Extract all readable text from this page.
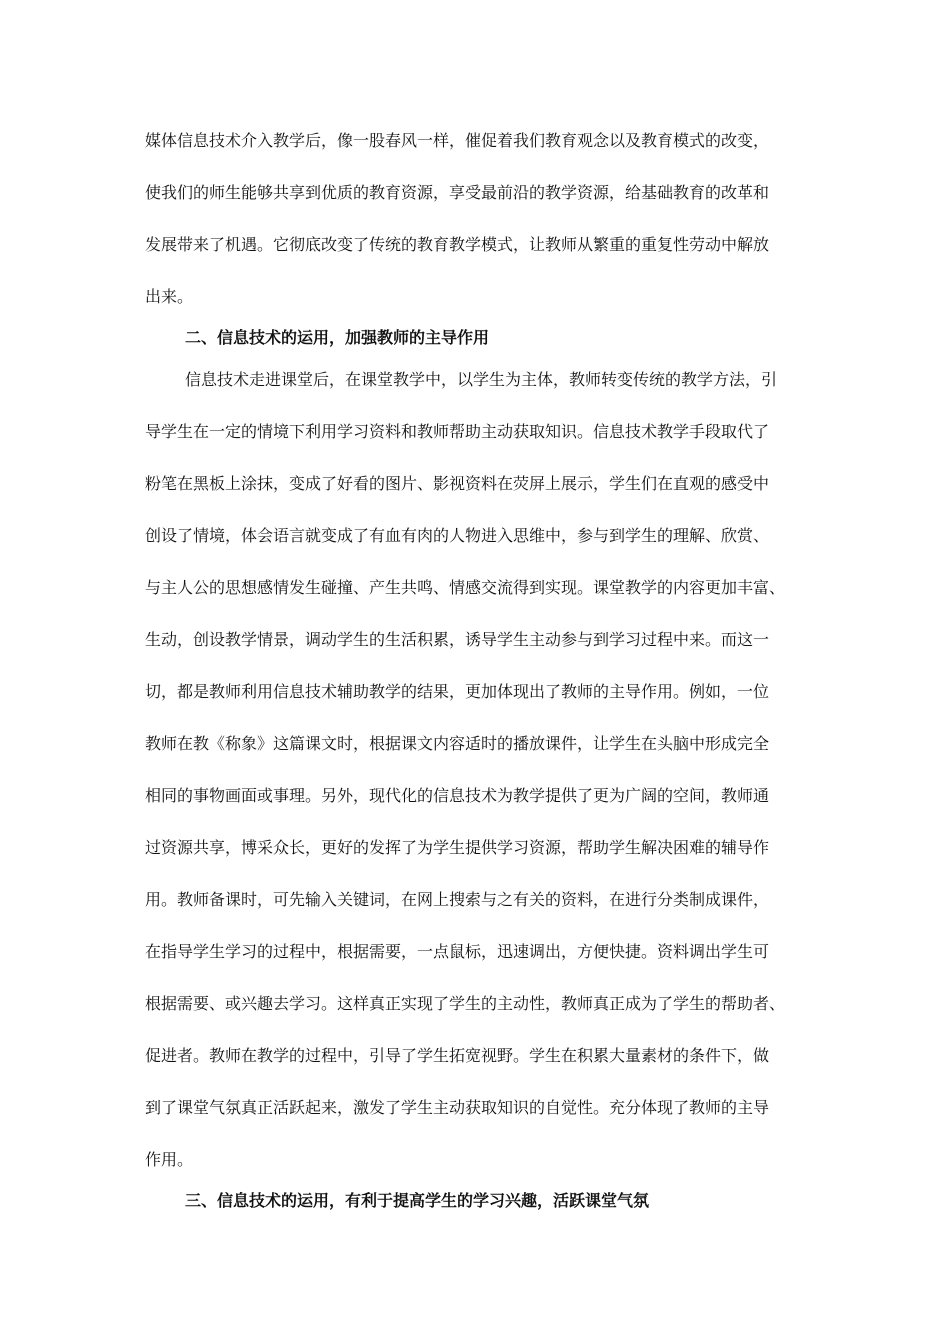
媒体信息技术介入教学后，像一股春风一样，催促着我们教育观念以及教育模式的改变，
使我们的师生能够共享到优质的教育资源，享受最前沿的教学资源，给基础教育的改革和
发展带来了机遇。它彻底改变了传统的教育教学模式，让教师从繁重的重复性劳动中解放
出来。
二、信息技术的运用，加强教师的主导作用
信息技术走进课堂后，在课堂教学中，以学生为主体，教师转变传统的教学方法，引
导学生在一定的情境下利用学习资料和教师帮助主动获取知识。信息技术教学手段取代了
粉笔在黑板上涂抹，变成了好看的图片、影视资料在荧屏上展示，学生们在直观的感受中
创设了情境，体会语言就变成了有血有肉的人物进入思维中，参与到学生的理解、欣赏、
与主人公的思想感情发生碰撞、产生共鸣、情感交流得到实现。课堂教学的内容更加丰富、
生动，创设教学情景，调动学生的生活积累，诱导学生主动参与到学习过程中来。而这一
切，都是教师利用信息技术辅助教学的结果，更加体现出了教师的主导作用。例如，一位
教师在教《称象》这篇课文时，根据课文内容适时的播放课件，让学生在头脑中形成完全
相同的事物画面或事理。另外，现代化的信息技术为教学提供了更为广阔的空间，教师通
过资源共享，博采众长，更好的发挥了为学生提供学习资源，帮助学生解决困难的辅导作
用。教师备课时，可先输入关键词，在网上搜索与之有关的资料，在进行分类制成课件，
在指导学生学习的过程中，根据需要，一点鼠标，迅速调出，方便快捷。资料调出学生可
根据需要、或兴趣去学习。这样真正实现了学生的主动性，教师真正成为了学生的帮助者、
促进者。教师在教学的过程中，引导了学生拓宽视野。学生在积累大量素材的条件下，做
到了课堂气氛真正活跃起来，激发了学生主动获取知识的自觉性。充分体现了教师的主导
作用。
三、信息技术的运用，有利于提高学生的学习兴趣，活跃课堂气氛
